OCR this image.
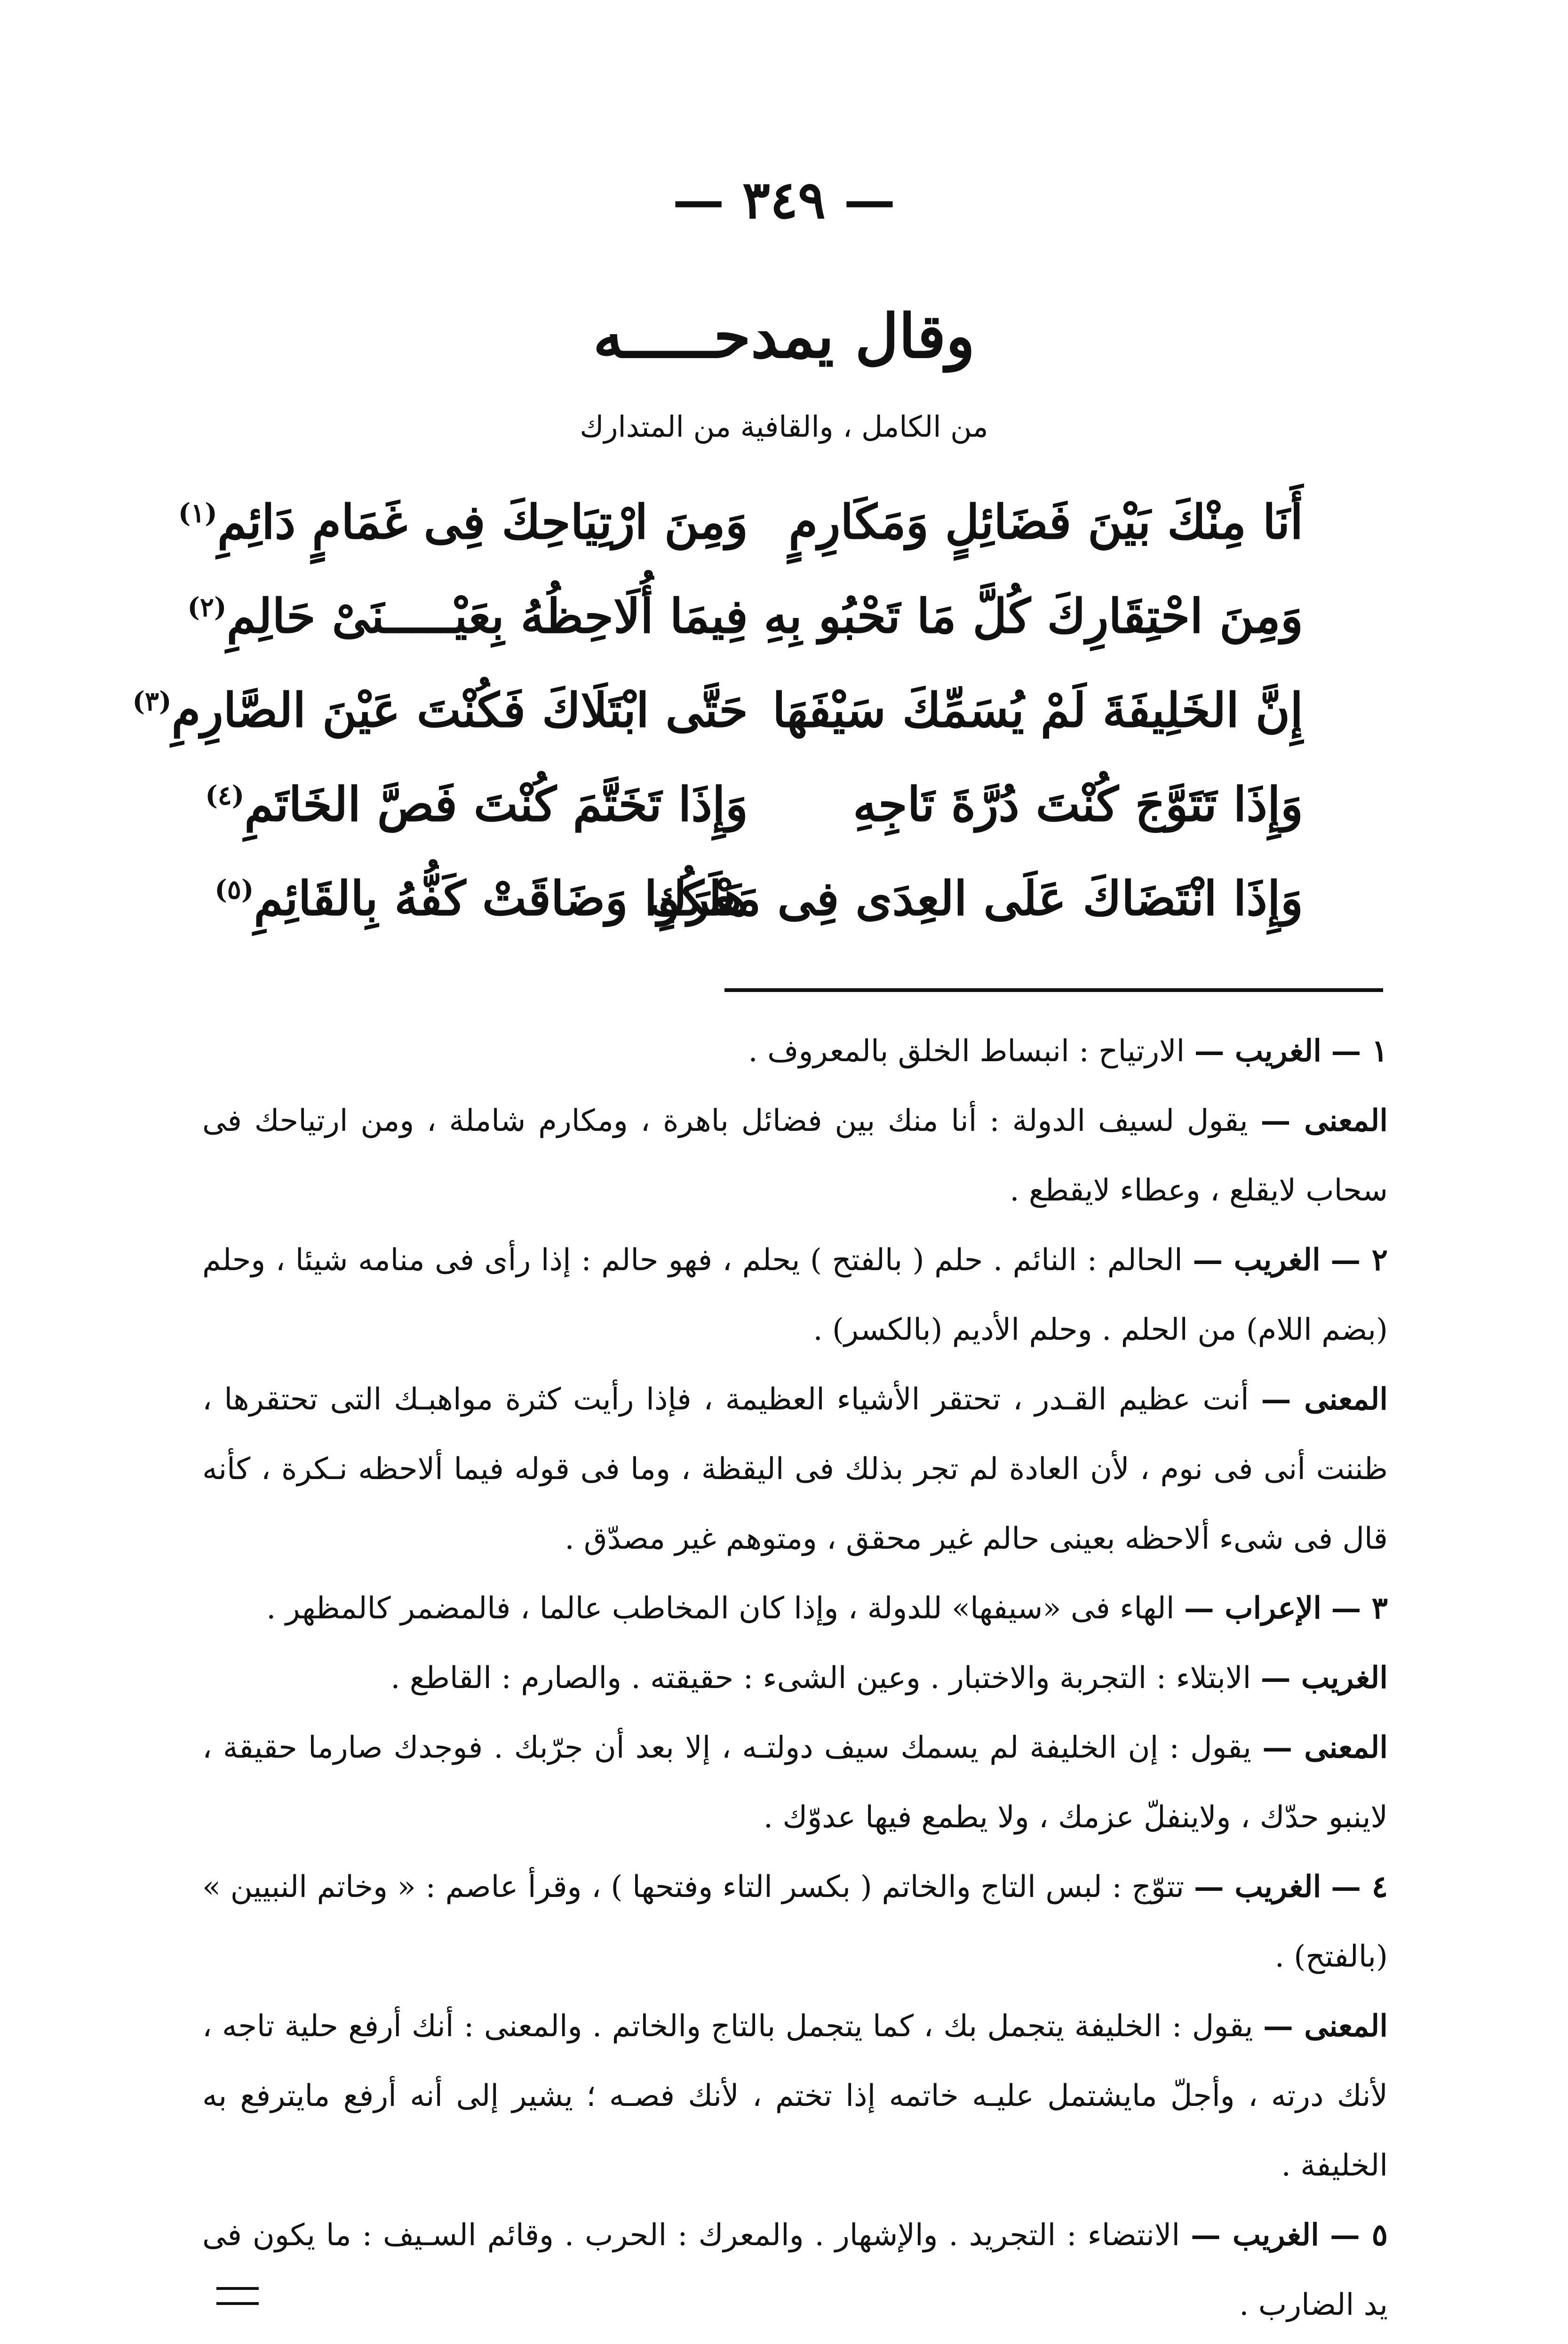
— ٣٤٩ —
وقال يمدحـــــه
من الكامل ، والقافية من المتدارك
أَنَا مِنْكَ بَيْنَ فَضَائِلٍ وَمَكَارِمٍ
وَمِنَ ارْتِيَاحِكَ فِى غَمَامٍ دَائِمِ$^{(١)}$
وَمِنَ احْتِقَارِكَ كُلَّ مَا تَحْبُو بِهِ
فِيمَا أُلَاحِظُهُ بِعَيْـــــنَىْ حَالِمِ$^{(٢)}$
إِنَّ الخَلِيفَةَ لَمْ يُسَمِّكَ سَيْفَهَا
حَتَّى ابْتَلَاكَ فَكُنْتَ عَيْنَ الصَّارِمِ$^{(٣)}$
وَإِذَا تَتَوَّجَ كُنْتَ دُرَّةَ تَاجِهِ
وَإِذَا تَخَتَّمَ كُنْتَ فَصَّ الخَاتَمِ$^{(٤)}$
وَإِذَا انْتَضَاكَ عَلَى العِدَى فِى مَعْرَكٍ
هَلَكُوا وَضَاقَتْ كَفُّهُ بِالقَائِمِ$^{(٥)}$

١ — الغريب — الارتياح : انبساط الخلق بالمعروف .

المعنى — يقول لسيف الدولة : أنا منك بين فضائل باهرة ، ومكارم شاملة ، ومن ارتياحك فى سحاب لايقلع ، وعطاء لايقطع .

٢ — الغريب — الحالم : النائم . حلم ( بالفتح ) يحلم ، فهو حالم : إذا رأى فى منامه شيئا ، وحلم (بضم اللام) من الحلم . وحلم الأديم (بالكسر) .

المعنى — أنت عظيم القـدر ، تحتقر الأشياء العظيمة ، فإذا رأيت كثرة مواهبـك التى تحتقرها ، ظننت أنى فى نوم ، لأن العادة لم تجر بذلك فى اليقظة ، وما فى قوله فيما ألاحظه نـكرة ، كأنه قال فى شىء ألاحظه بعينى حالم غير محقق ، ومتوهم غير مصدّق .

٣ — الإعراب — الهاء فى «سيفها» للدولة ، وإذا كان المخاطب عالما ، فالمضمر كالمظهر .

الغريب — الابتلاء : التجربة والاختبار . وعين الشىء : حقيقته . والصارم : القاطع .

المعنى — يقول : إن الخليفة لم يسمك سيف دولتـه ، إلا بعد أن جرّبك . فوجدك صارما حقيقة ، لاينبو حدّك ، ولاينفلّ عزمك ، ولا يطمع فيها عدوّك .

٤ — الغريب — تتوّج : لبس التاج والخاتم ( بكسر التاء وفتحها ) ، وقرأ عاصم : « وخاتم النبيين » (بالفتح) .

المعنى — يقول : الخليفة يتجمل بك ، كما يتجمل بالتاج والخاتم . والمعنى : أنك أرفع حلية تاجه ، لأنك درته ، وأجلّ مايشتمل عليـه خاتمه إذا تختم ، لأنك فصـه ؛ يشير إلى أنه أرفع مايترفع به الخليفة .

٥ — الغريب — الانتضاء : التجريد . والإشهار . والمعرك : الحرب . وقائم السـيف : ما يكون فى يد الضارب .
